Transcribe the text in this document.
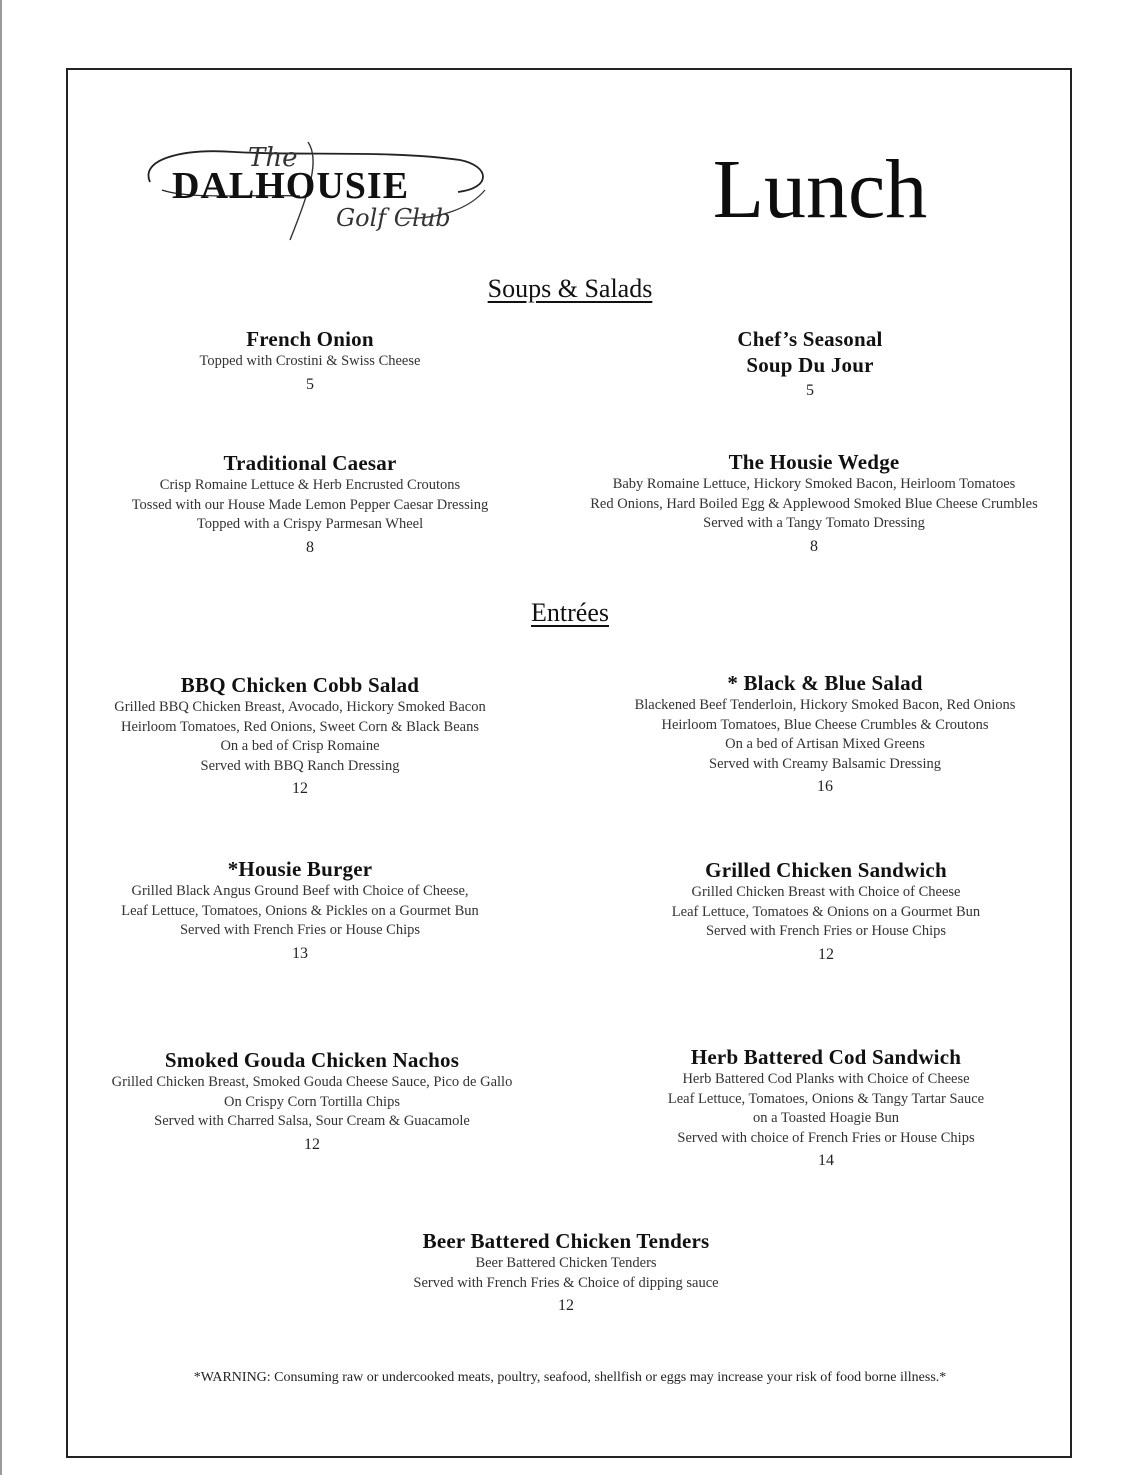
The
DALHOUSIE
Golf Club	Lunch
Soups & Salads
French Onion
Topped with Crostini & Swiss Cheese
5
Chef’s Seasonal
Soup Du Jour
5
Traditional Caesar
Crisp Romaine Lettuce & Herb Encrusted Croutons
Tossed with our House Made Lemon Pepper Caesar Dressing
Topped with a Crispy Parmesan Wheel
8
The Housie Wedge
Baby Romaine Lettuce, Hickory Smoked Bacon, Heirloom Tomatoes
Red Onions, Hard Boiled Egg & Applewood Smoked Blue Cheese Crumbles
Served with a Tangy Tomato Dressing
8
Entrées
BBQ Chicken Cobb Salad
Grilled BBQ Chicken Breast, Avocado, Hickory Smoked Bacon
Heirloom Tomatoes, Red Onions, Sweet Corn & Black Beans
On a bed of Crisp Romaine
Served with BBQ Ranch Dressing
12
* Black & Blue Salad
Blackened Beef Tenderloin, Hickory Smoked Bacon, Red Onions
Heirloom Tomatoes, Blue Cheese Crumbles & Croutons
On a bed of Artisan Mixed Greens
Served with Creamy Balsamic Dressing
16
*Housie Burger
Grilled Black Angus Ground Beef with Choice of Cheese,
Leaf Lettuce, Tomatoes, Onions & Pickles on a Gourmet Bun
Served with French Fries or House Chips
13
Grilled Chicken Sandwich
Grilled Chicken Breast with Choice of Cheese
Leaf Lettuce, Tomatoes & Onions on a Gourmet Bun
Served with French Fries or House Chips
12
Smoked Gouda Chicken Nachos
Grilled Chicken Breast, Smoked Gouda Cheese Sauce, Pico de Gallo
On Crispy Corn Tortilla Chips
Served with Charred Salsa, Sour Cream & Guacamole
12
Herb Battered Cod Sandwich
Herb Battered Cod Planks with Choice of Cheese
Leaf Lettuce, Tomatoes, Onions & Tangy Tartar Sauce
on a Toasted Hoagie Bun
Served with choice of French Fries or House Chips
14
Beer Battered Chicken Tenders
Beer Battered Chicken Tenders
Served with French Fries & Choice of dipping sauce
12
*WARNING: Consuming raw or undercooked meats, poultry, seafood, shellfish or eggs may increase your risk of food borne illness.*
